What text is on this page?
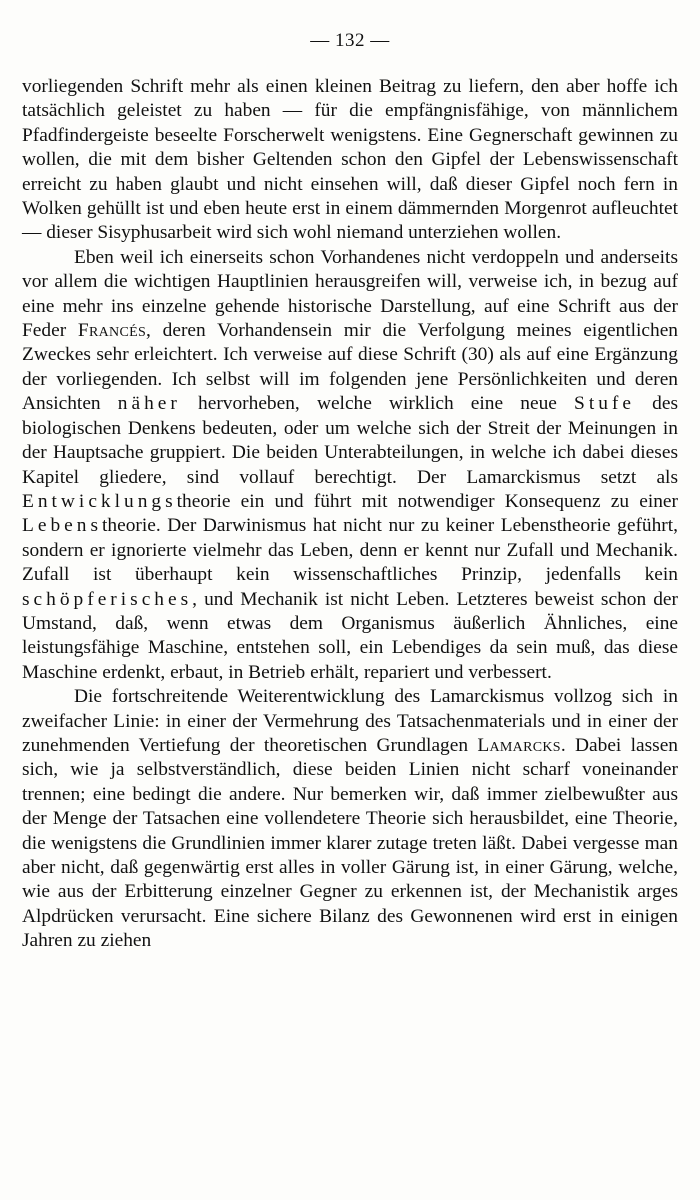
— 132 —

vorliegenden Schrift mehr als einen kleinen Beitrag zu liefern, den aber hoffe ich tatsächlich geleistet zu haben — für die empfängnisfähige, von männlichem Pfadfindergeiste beseelte Forscherwelt wenigstens. Eine Gegnerschaft gewinnen zu wollen, die mit dem bisher Geltenden schon den Gipfel der Lebenswissenschaft erreicht zu haben glaubt und nicht einsehen will, daß dieser Gipfel noch fern in Wolken gehüllt ist und eben heute erst in einem dämmernden Morgenrot aufleuchtet — dieser Sisyphusarbeit wird sich wohl niemand unterziehen wollen.

Eben weil ich einerseits schon Vorhandenes nicht verdoppeln und anderseits vor allem die wichtigen Hauptlinien herausgreifen will, verweise ich, in bezug auf eine mehr ins einzelne gehende historische Darstellung, auf eine Schrift aus der Feder Francés, deren Vorhandensein mir die Verfolgung meines eigentlichen Zweckes sehr erleichtert. Ich verweise auf diese Schrift (30) als auf eine Ergänzung der vorliegenden. Ich selbst will im folgenden jene Persönlichkeiten und deren Ansichten näher hervorheben, welche wirklich eine neue Stufe des biologischen Denkens bedeuten, oder um welche sich der Streit der Meinungen in der Hauptsache gruppiert. Die beiden Unterabteilungen, in welche ich dabei dieses Kapitel gliedere, sind vollauf berechtigt. Der Lamarckismus setzt als Entwicklungstheorie ein und führt mit notwendiger Konsequenz zu einer Lebenstheorie. Der Darwinismus hat nicht nur zu keiner Lebenstheorie geführt, sondern er ignorierte vielmehr das Leben, denn er kennt nur Zufall und Mechanik. Zufall ist überhaupt kein wissenschaftliches Prinzip, jedenfalls kein schöpferisches, und Mechanik ist nicht Leben. Letzteres beweist schon der Umstand, daß, wenn etwas dem Organismus äußerlich Ähnliches, eine leistungsfähige Maschine, entstehen soll, ein Lebendiges da sein muß, das diese Maschine erdenkt, erbaut, in Betrieb erhält, repariert und verbessert.

Die fortschreitende Weiterentwicklung des Lamarckismus vollzog sich in zweifacher Linie: in einer der Vermehrung des Tatsachenmaterials und in einer der zunehmenden Vertiefung der theoretischen Grundlagen Lamarcks. Dabei lassen sich, wie ja selbstverständlich, diese beiden Linien nicht scharf voneinander trennen; eine bedingt die andere. Nur bemerken wir, daß immer zielbewußter aus der Menge der Tatsachen eine vollendetere Theorie sich herausbildet, eine Theorie, die wenigstens die Grundlinien immer klarer zutage treten läßt. Dabei vergesse man aber nicht, daß gegenwärtig erst alles in voller Gärung ist, in einer Gärung, welche, wie aus der Erbitterung einzelner Gegner zu erkennen ist, der Mechanistik arges Alpdrücken verursacht. Eine sichere Bilanz des Gewonnenen wird erst in einigen Jahren zu ziehen
